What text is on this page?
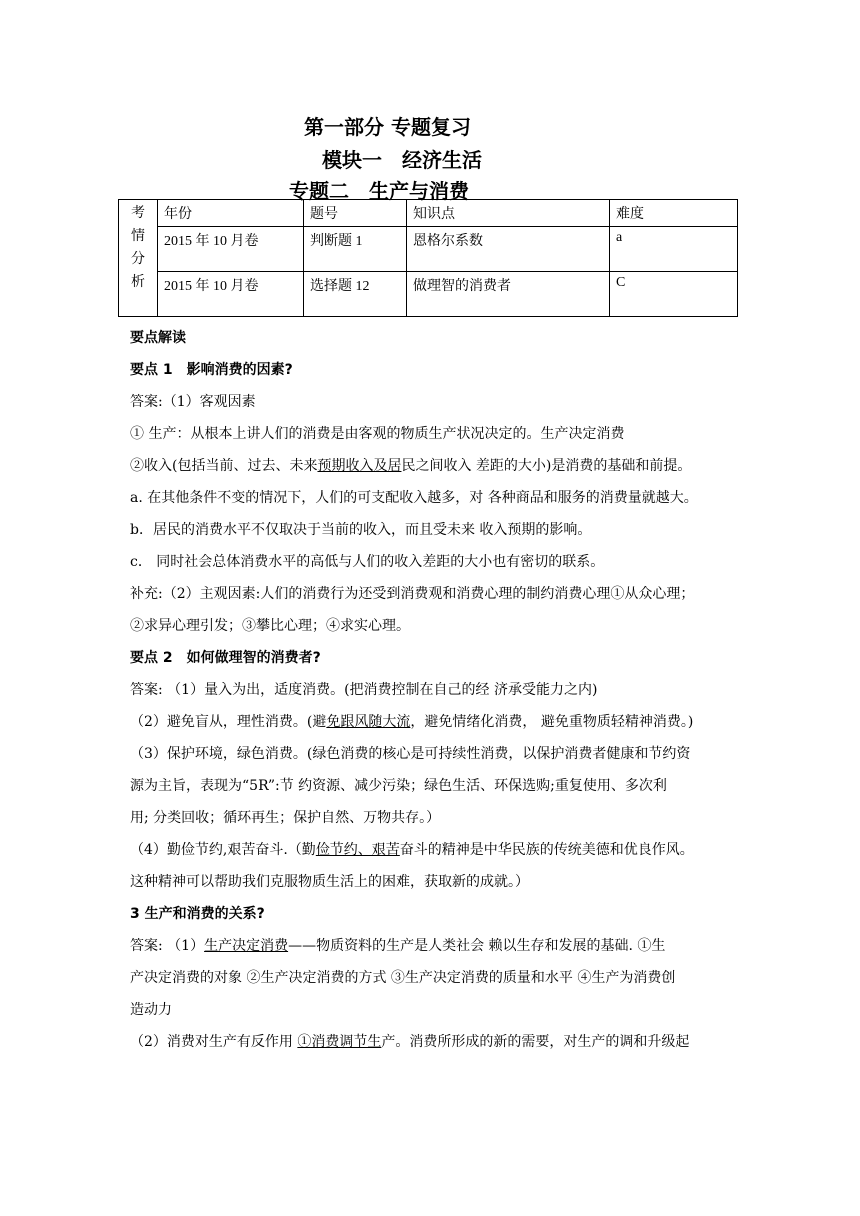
第一部分 专题复习
模块一 经济生活
专题二 生产与消费
考
情
分
析	年份	题号	知识点	难度
	2015 年 10 月卷	判断题 1	恩格尔系数	a
	2015 年 10 月卷	选择题 12	做理智的消费者	C

要点解读

要点 1　影响消费的因素?

答案:（1）客观因素

① 生产：从根本上讲人们的消费是由客观的物质生产状况决定的。生产决定消费

②收入(包括当前、过去、未来预期收入及居民之间收入 差距的大小)是消费的基础和前提。

a. 在其他条件不变的情况下，人们的可支配收入越多，对 各种商品和服务的消费量就越大。

b．居民的消费水平不仅取决于当前的收入，而且受未来 收入预期的影响。

c． 同时社会总体消费水平的高低与人们的收入差距的大小也有密切的联系。

补充:（2）主观因素:人们的消费行为还受到消费观和消费心理的制约消费心理①从众心理；

②求异心理引发；③攀比心理；④求实心理。

要点 2　如何做理智的消费者?

答案: （1）量入为出，适度消费。(把消费控制在自己的经 济承受能力之内)

（2）避免盲从，理性消费。(避免跟风随大流，避免情绪化消费， 避免重物质轻精神消费。)

（3）保护环境，绿色消费。(绿色消费的核心是可持续性消费，以保护消费者健康和节约资

源为主旨，表现为“5R”:节 约资源、减少污染；绿色生活、环保选购;重复使用、多次利

用; 分类回收；循环再生；保护自然、万物共存。）

（4）勤俭节约,艰苦奋斗.（勤俭节约、艰苦奋斗的精神是中华民族的传统美德和优良作风。

这种精神可以帮助我们克服物质生活上的困难，获取新的成就。）

3 生产和消费的关系?

答案: （1）生产决定消费——物质资料的生产是人类社会 赖以生存和发展的基础. ①生

产决定消费的对象 ②生产决定消费的方式 ③生产决定消费的质量和水平 ④生产为消费创

造动力

（2）消费对生产有反作用 ①消费调节生产。消费所形成的新的需要，对生产的调和升级起
